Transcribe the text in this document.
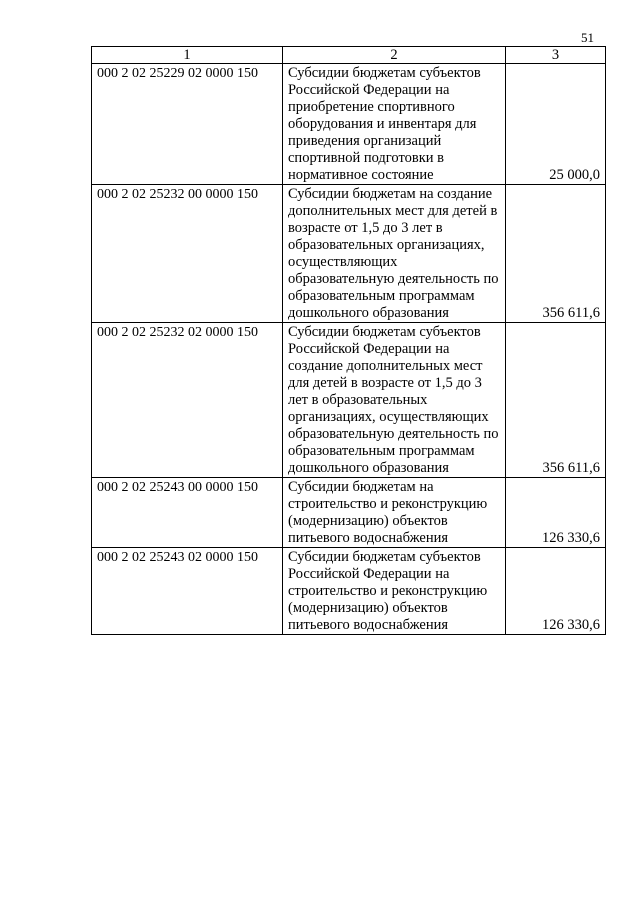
51
1	2	3
000 2 02 25229 02 0000 150	Субсидии бюджетам субъектов Российской Федерации на приобретение спортивного оборудования и инвентаря для приведения организаций спортивной подготовки в нормативное состояние	25 000,0
000 2 02 25232 00 0000 150	Субсидии бюджетам на создание дополнительных мест для детей в возрасте от 1,5 до 3 лет в образовательных организациях, осуществляющих образовательную деятельность по образовательным программам дошкольного образования	356 611,6
000 2 02 25232 02 0000 150	Субсидии бюджетам субъектов Российской Федерации на создание дополнительных мест для детей в возрасте от 1,5 до 3 лет в образовательных организациях, осуществляющих образовательную деятельность по образовательным программам дошкольного образования	356 611,6
000 2 02 25243 00 0000 150	Субсидии бюджетам на строительство и реконструкцию (модернизацию) объектов питьевого водоснабжения	126 330,6
000 2 02 25243 02 0000 150	Субсидии бюджетам субъектов Российской Федерации на строительство и реконструкцию (модернизацию) объектов питьевого водоснабжения	126 330,6
